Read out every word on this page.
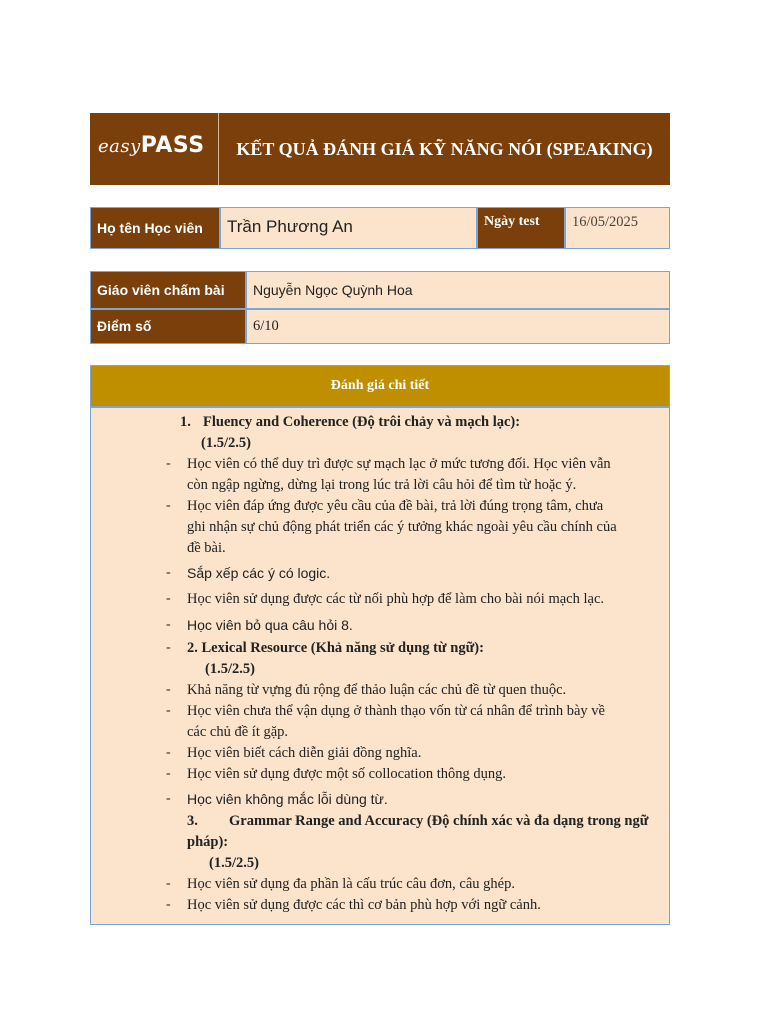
easyPASS	KẾT QUẢ ĐÁNH GIÁ KỸ NĂNG NÓI (SPEAKING)
Họ tên Học viên	Trần Phương An	Ngày test	16/05/2025
Giáo viên chấm bài	Nguyễn Ngọc Quỳnh Hoa
Điểm số	6/10
Đánh giá chi tiết
1. Fluency and Coherence (Độ trôi chảy và mạch lạc):
(1.5/2.5)
- Học viên có thể duy trì được sự mạch lạc ở mức tương đối. Học viên vẫn
còn ngập ngừng, dừng lại trong lúc trả lời câu hỏi để tìm từ hoặc ý.
- Học viên đáp ứng được yêu cầu của đề bài, trả lời đúng trọng tâm, chưa
ghi nhận sự chủ động phát triển các ý tưởng khác ngoài yêu cầu chính của
đề bài.
- Sắp xếp các ý có logic.
- Học viên sử dụng được các từ nối phù hợp để làm cho bài nói mạch lạc.
- Học viên bỏ qua câu hỏi 8.
- 2. Lexical Resource (Khả năng sử dụng từ ngữ):
(1.5/2.5)
- Khả năng từ vựng đủ rộng để thảo luận các chủ đề từ quen thuộc.
- Học viên chưa thể vận dụng ở thành thạo vốn từ cá nhân để trình bày về
các chủ đề ít gặp.
- Học viên biết cách diễn giải đồng nghĩa.
- Học viên sử dụng được một số collocation thông dụng.
- Học viên không mắc lỗi dùng từ.
3. Grammar Range and Accuracy (Độ chính xác và đa dạng trong ngữ
pháp):
(1.5/2.5)
- Học viên sử dụng đa phần là cấu trúc câu đơn, câu ghép.
- Học viên sử dụng được các thì cơ bản phù hợp với ngữ cảnh.
